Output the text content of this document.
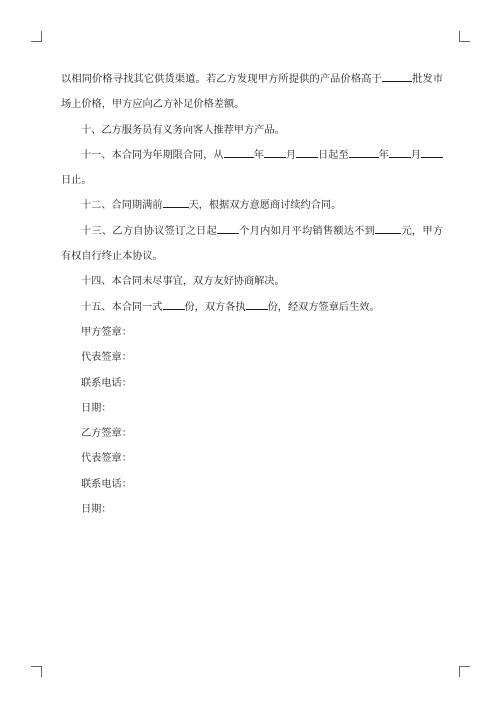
以相同价格寻找其它供货渠道。若乙方发现甲方所提供的产品价格高于	批发市
场上价格，甲方应向乙方补足价格差额。
十、乙方服务员有义务向客人推荐甲方产品。
十一、本合同为年期限合同，从	年 月 日起至	年 月
日止。
十二、合同期满前	天，根据双方意愿商讨续约合同。
十三、乙方自协议签订之日起 个月内如月平均销售额达不到	元，甲方
有权自行终止本协议。
十四、本合同未尽事宜，双方友好协商解决。
十五、本合同一式 份，双方各执 份，经双方签章后生效。
甲方签章：
代表签章：
联系电话：
日期：
乙方签章：
代表签章：
联系电话：
日期：
